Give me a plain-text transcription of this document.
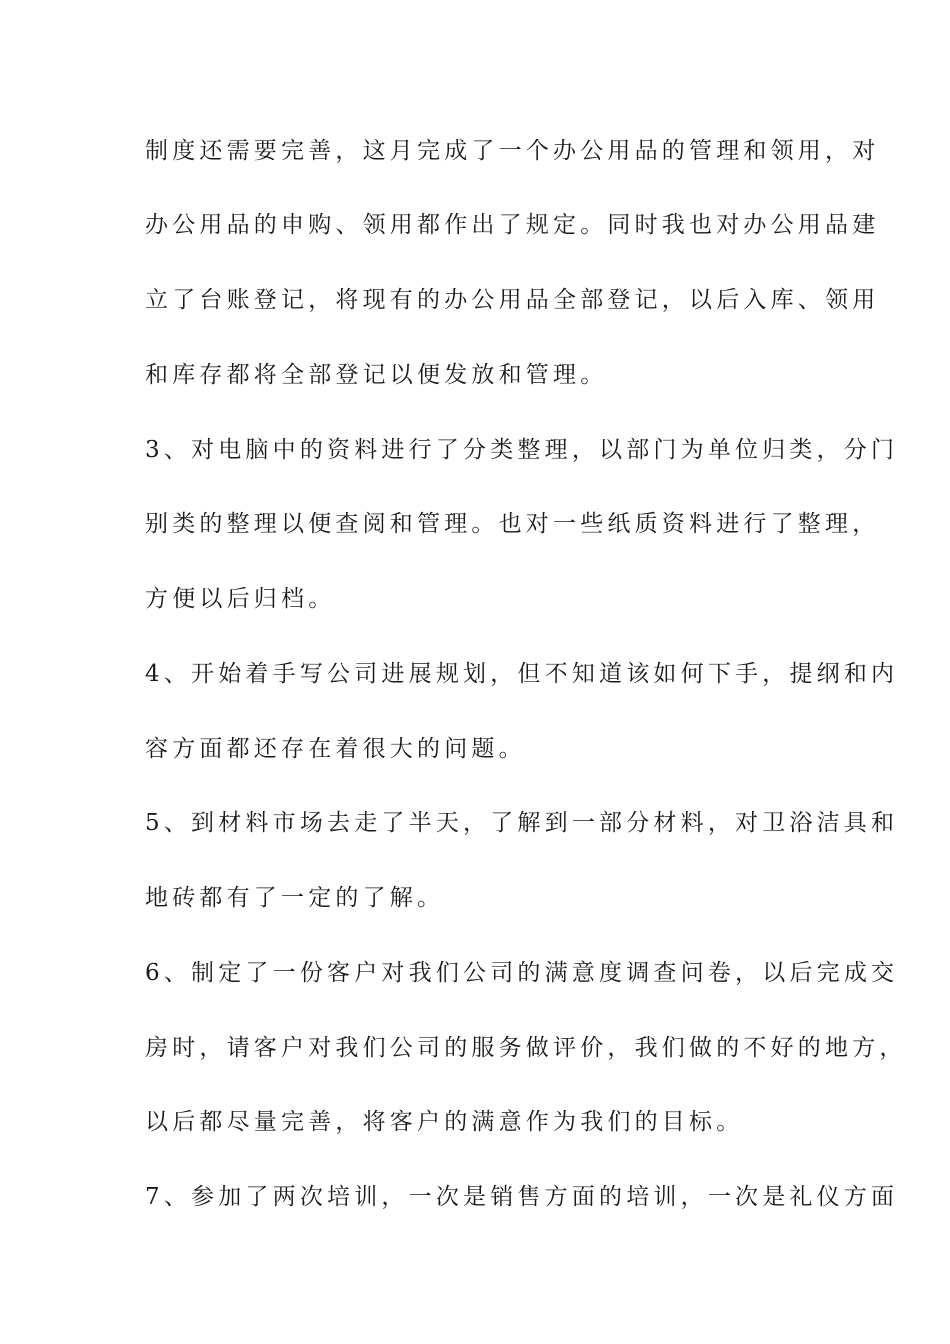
制度还需要完善，这月完成了一个办公用品的管理和领用，对
办公用品的申购、领用都作出了规定。同时我也对办公用品建
立了台账登记，将现有的办公用品全部登记，以后入库、领用
和库存都将全部登记以便发放和管理。
3、对电脑中的资料进行了分类整理，以部门为单位归类，分门
别类的整理以便查阅和管理。也对一些纸质资料进行了整理，
方便以后归档。
4、开始着手写公司进展规划，但不知道该如何下手，提纲和内
容方面都还存在着很大的问题。
5、到材料市场去走了半天，了解到一部分材料，对卫浴洁具和
地砖都有了一定的了解。
6、制定了一份客户对我们公司的满意度调查问卷，以后完成交
房时，请客户对我们公司的服务做评价，我们做的不好的地方，
以后都尽量完善，将客户的满意作为我们的目标。
7、参加了两次培训，一次是销售方面的培训，一次是礼仪方面
